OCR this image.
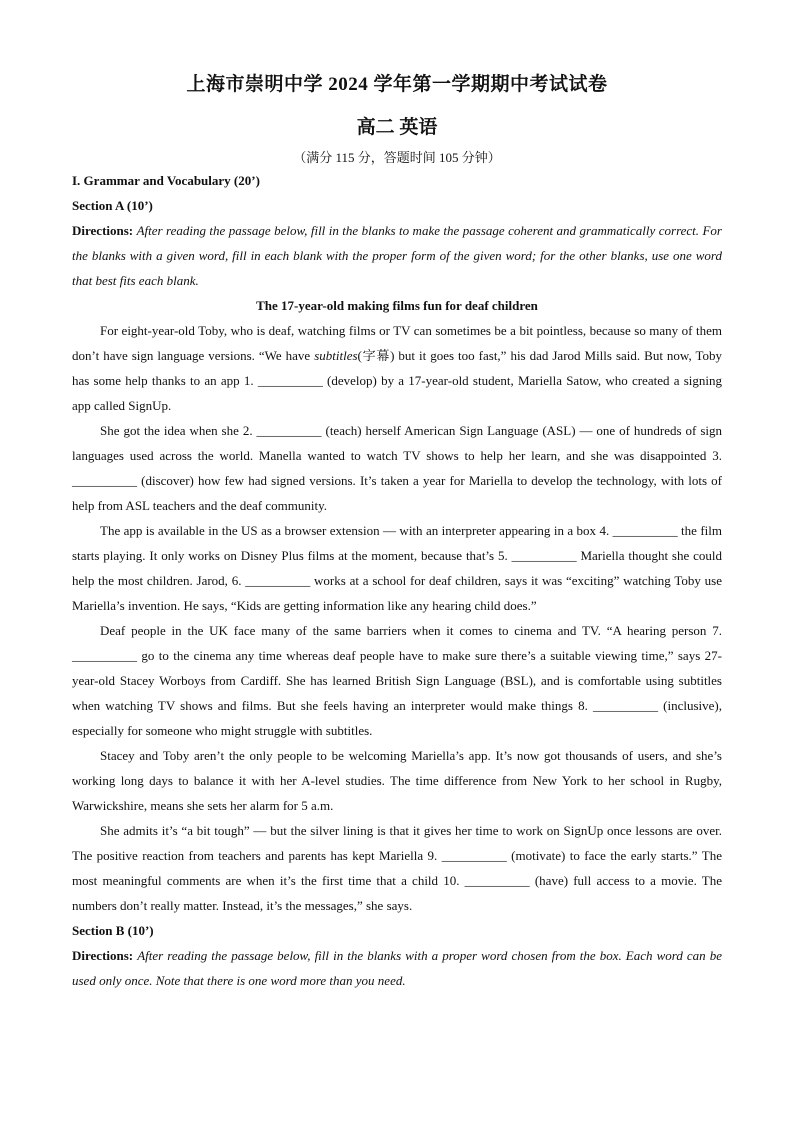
上海市崇明中学 2024 学年第一学期期中考试试卷
高二 英语
（满分 115 分，答题时间 105 分钟）

I. Grammar and Vocabulary (20’)

Section A (10’)

Directions: After reading the passage below, fill in the blanks to make the passage coherent and grammatically correct. For the blanks with a given word, fill in each blank with the proper form of the given word; for the other blanks, use one word that best fits each blank.

The 17-year-old making films fun for deaf children

For eight-year-old Toby, who is deaf, watching films or TV can sometimes be a bit pointless, because so many of them don’t have sign language versions. “We have subtitles(字幕) but it goes too fast,” his dad Jarod Mills said. But now, Toby has some help thanks to an app 1. __________ (develop) by a 17-year-old student, Mariella Satow, who created a signing app called SignUp.

She got the idea when she 2. __________ (teach) herself American Sign Language (ASL) — one of hundreds of sign languages used across the world. Manella wanted to watch TV shows to help her learn, and she was disappointed 3. __________ (discover) how few had signed versions. It’s taken a year for Mariella to develop the technology, with lots of help from ASL teachers and the deaf community.

The app is available in the US as a browser extension — with an interpreter appearing in a box 4. __________ the film starts playing. It only works on Disney Plus films at the moment, because that’s 5. __________ Mariella thought she could help the most children. Jarod, 6. __________ works at a school for deaf children, says it was “exciting” watching Toby use Mariella’s invention. He says, “Kids are getting information like any hearing child does.”

Deaf people in the UK face many of the same barriers when it comes to cinema and TV. “A hearing person 7. __________ go to the cinema any time whereas deaf people have to make sure there’s a suitable viewing time,” says 27-year-old Stacey Worboys from Cardiff. She has learned British Sign Language (BSL), and is comfortable using subtitles when watching TV shows and films. But she feels having an interpreter would make things 8. __________ (inclusive), especially for someone who might struggle with subtitles.

Stacey and Toby aren’t the only people to be welcoming Mariella’s app. It’s now got thousands of users, and she’s working long days to balance it with her A-level studies. The time difference from New York to her school in Rugby, Warwickshire, means she sets her alarm for 5 a.m.

She admits it’s “a bit tough” — but the silver lining is that it gives her time to work on SignUp once lessons are over. The positive reaction from teachers and parents has kept Mariella 9. __________ (motivate) to face the early starts.” The most meaningful comments are when it’s the first time that a child 10. __________ (have) full access to a movie. The numbers don’t really matter. Instead, it’s the messages,” she says.

Section B (10’)

Directions: After reading the passage below, fill in the blanks with a proper word chosen from the box. Each word can be used only once. Note that there is one word more than you need.
